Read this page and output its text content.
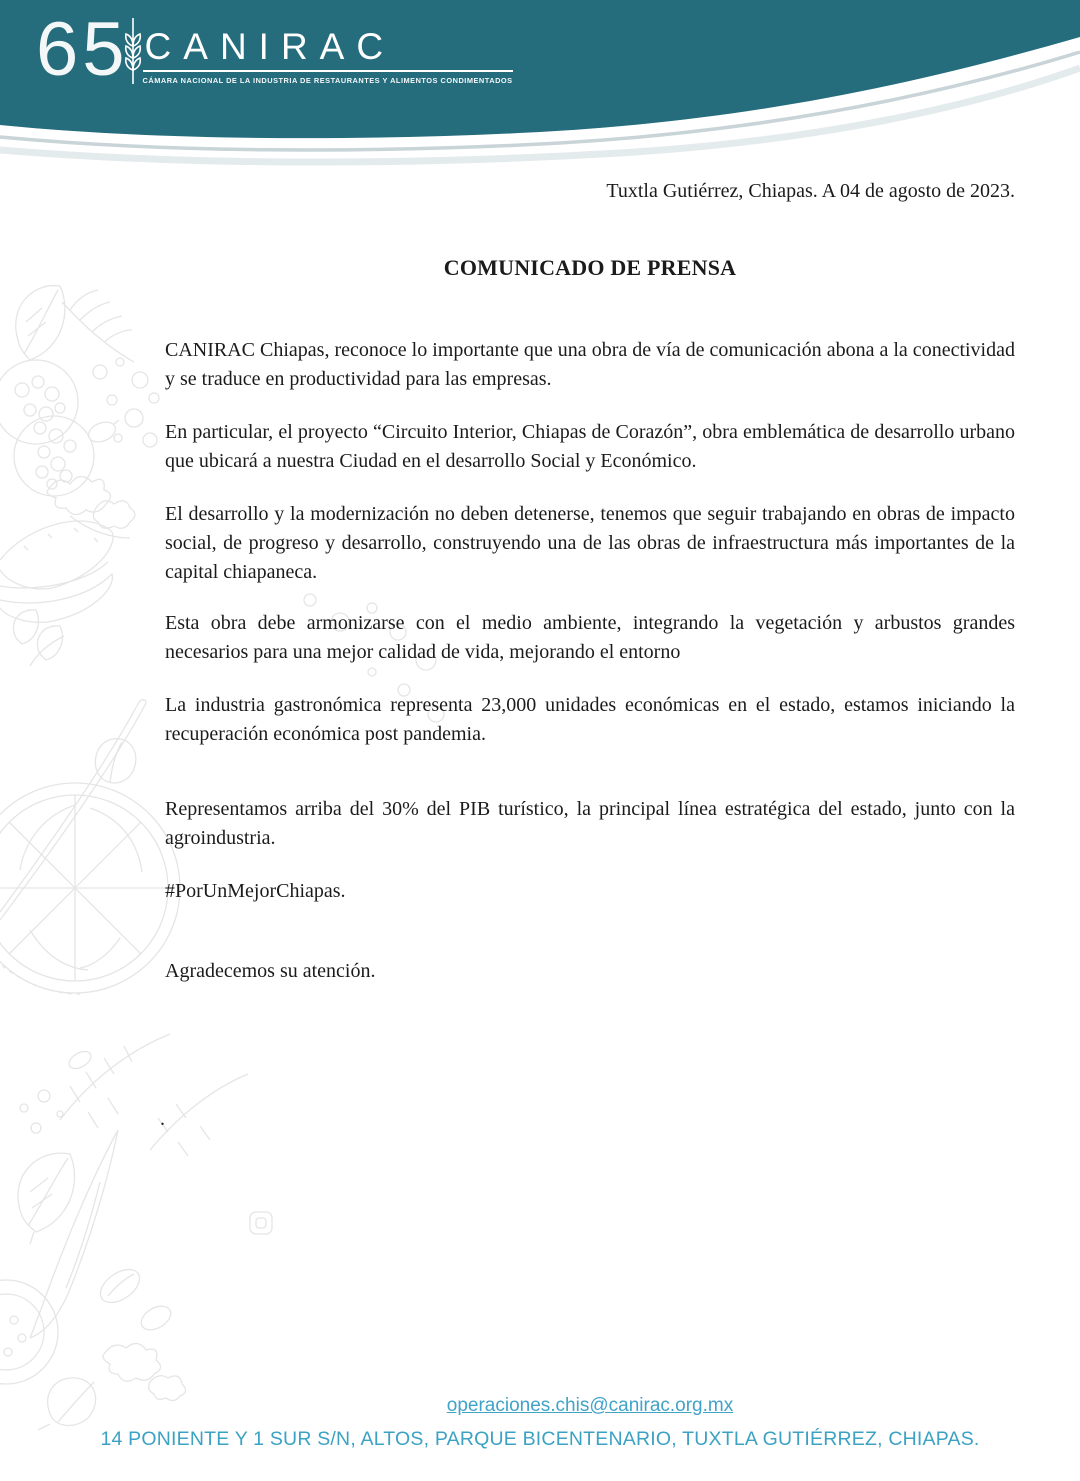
65 CANIRAC
CÁMARA NACIONAL DE LA INDUSTRIA DE RESTAURANTES Y ALIMENTOS CONDIMENTADOS
Tuxtla Gutiérrez, Chiapas. A 04 de agosto de 2023.
COMUNICADO DE PRENSA

CANIRAC Chiapas, reconoce lo importante que una obra de vía de comunicación abona a la conectividad y se traduce en productividad para las empresas.

En particular, el proyecto “Circuito Interior, Chiapas de Corazón”, obra emblemática de desarrollo urbano que ubicará a nuestra Ciudad en el desarrollo Social y Económico.

El desarrollo y la modernización no deben detenerse, tenemos que seguir trabajando en obras de impacto social, de progreso y desarrollo, construyendo una de las obras de infraestructura más importantes de la capital chiapaneca.

Esta obra debe armonizarse con el medio ambiente, integrando la vegetación y arbustos grandes necesarios para una mejor calidad de vida, mejorando el entorno

La industria gastronómica representa 23,000 unidades económicas en el estado, estamos iniciando la recuperación económica post pandemia.

Representamos arriba del 30% del PIB turístico, la principal línea estratégica del estado, junto con la agroindustria.

#PorUnMejorChiapas.

Agradecemos su atención.

.
operaciones.chis@canirac.org.mx
14 PONIENTE Y 1 SUR S/N, ALTOS, PARQUE BICENTENARIO, TUXTLA GUTIÉRREZ, CHIAPAS.
